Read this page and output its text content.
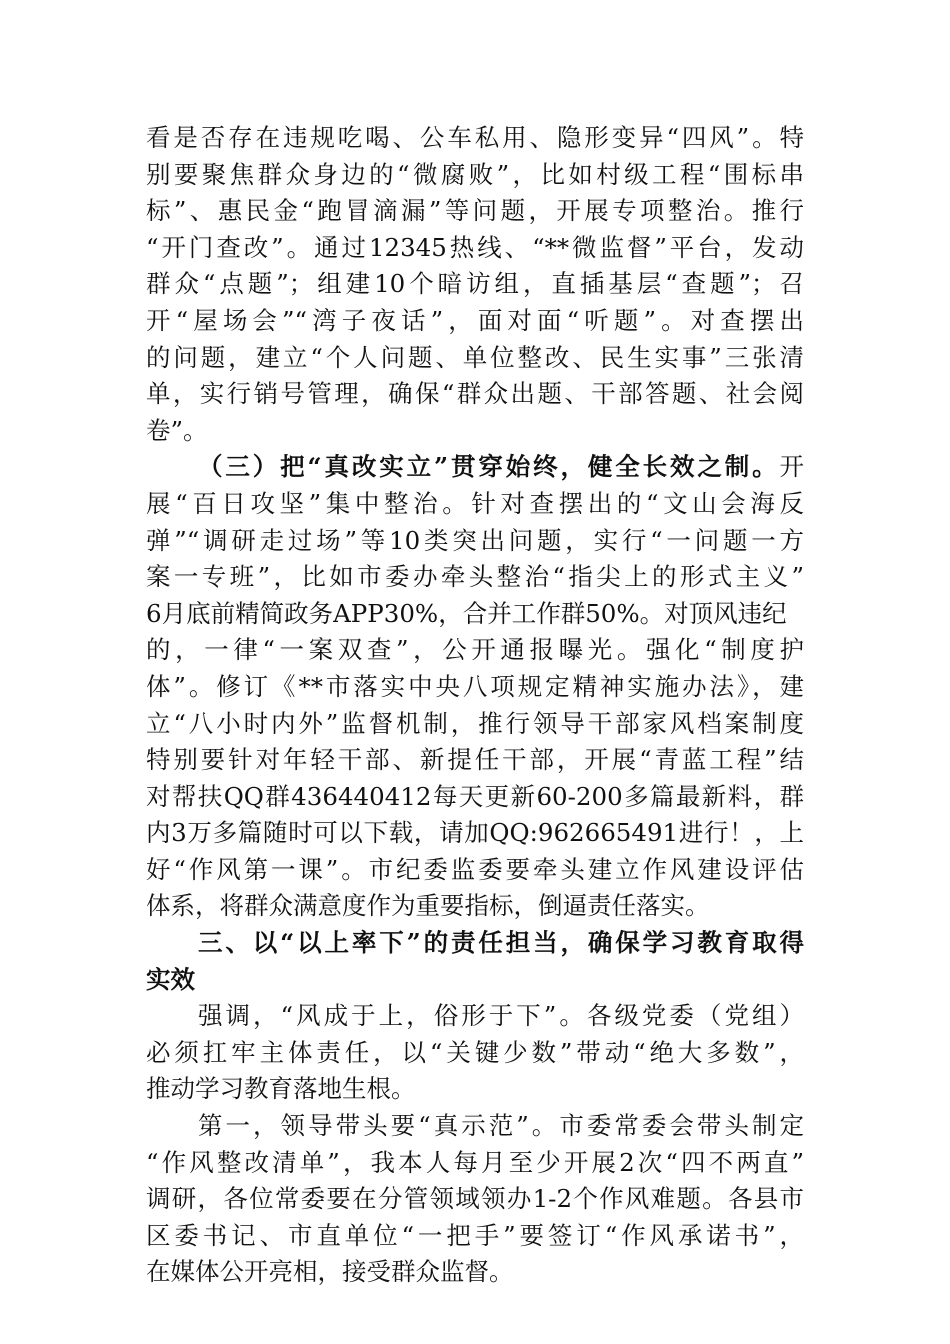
看是否存在违规吃喝、公车私用、隐形变异“四风”。特
别要聚焦群众身边的“微腐败”，比如村级工程“围标串
标”、惠民金“跑冒滴漏”等问题，开展专项整治。推行
“开门查改”。通过12345热线、“**微监督”平台，发动
群众“点题”；组建10个暗访组，直插基层“查题”；召
开“屋场会”“湾子夜话”，面对面“听题”。对查摆出
的问题，建立“个人问题、单位整改、民生实事”三张清
单，实行销号管理，确保“群众出题、干部答题、社会阅
卷”。
（三）把“真改实立”贯穿始终，健全长效之制。开
展“百日攻坚”集中整治。针对查摆出的“文山会海反
弹”“调研走过场”等10类突出问题，实行“一问题一方
案一专班”，比如市委办牵头整治“指尖上的形式主义”
6月底前精简政务APP30%，合并工作群50%。对顶风违纪
的，一律“一案双查”，公开通报曝光。强化“制度护
体”。修订《**市落实中央八项规定精神实施办法》，建
立“八小时内外”监督机制，推行领导干部家风档案制度
特别要针对年轻干部、新提任干部，开展“青蓝工程”结
对帮扶QQ群436440412每天更新60-200多篇最新料，群
内3万多篇随时可以下载，请加QQ:962665491进行！，上
好“作风第一课”。市纪委监委要牵头建立作风建设评估
体系，将群众满意度作为重要指标，倒逼责任落实。
三、以“以上率下”的责任担当，确保学习教育取得
实效
强调，“风成于上，俗形于下”。各级党委（党组）
必须扛牢主体责任，以“关键少数”带动“绝大多数”，
推动学习教育落地生根。
第一，领导带头要“真示范”。市委常委会带头制定
“作风整改清单”，我本人每月至少开展2次“四不两直”
调研，各位常委要在分管领域领办1-2个作风难题。各县市
区委书记、市直单位“一把手”要签订“作风承诺书”，
在媒体公开亮相，接受群众监督。
